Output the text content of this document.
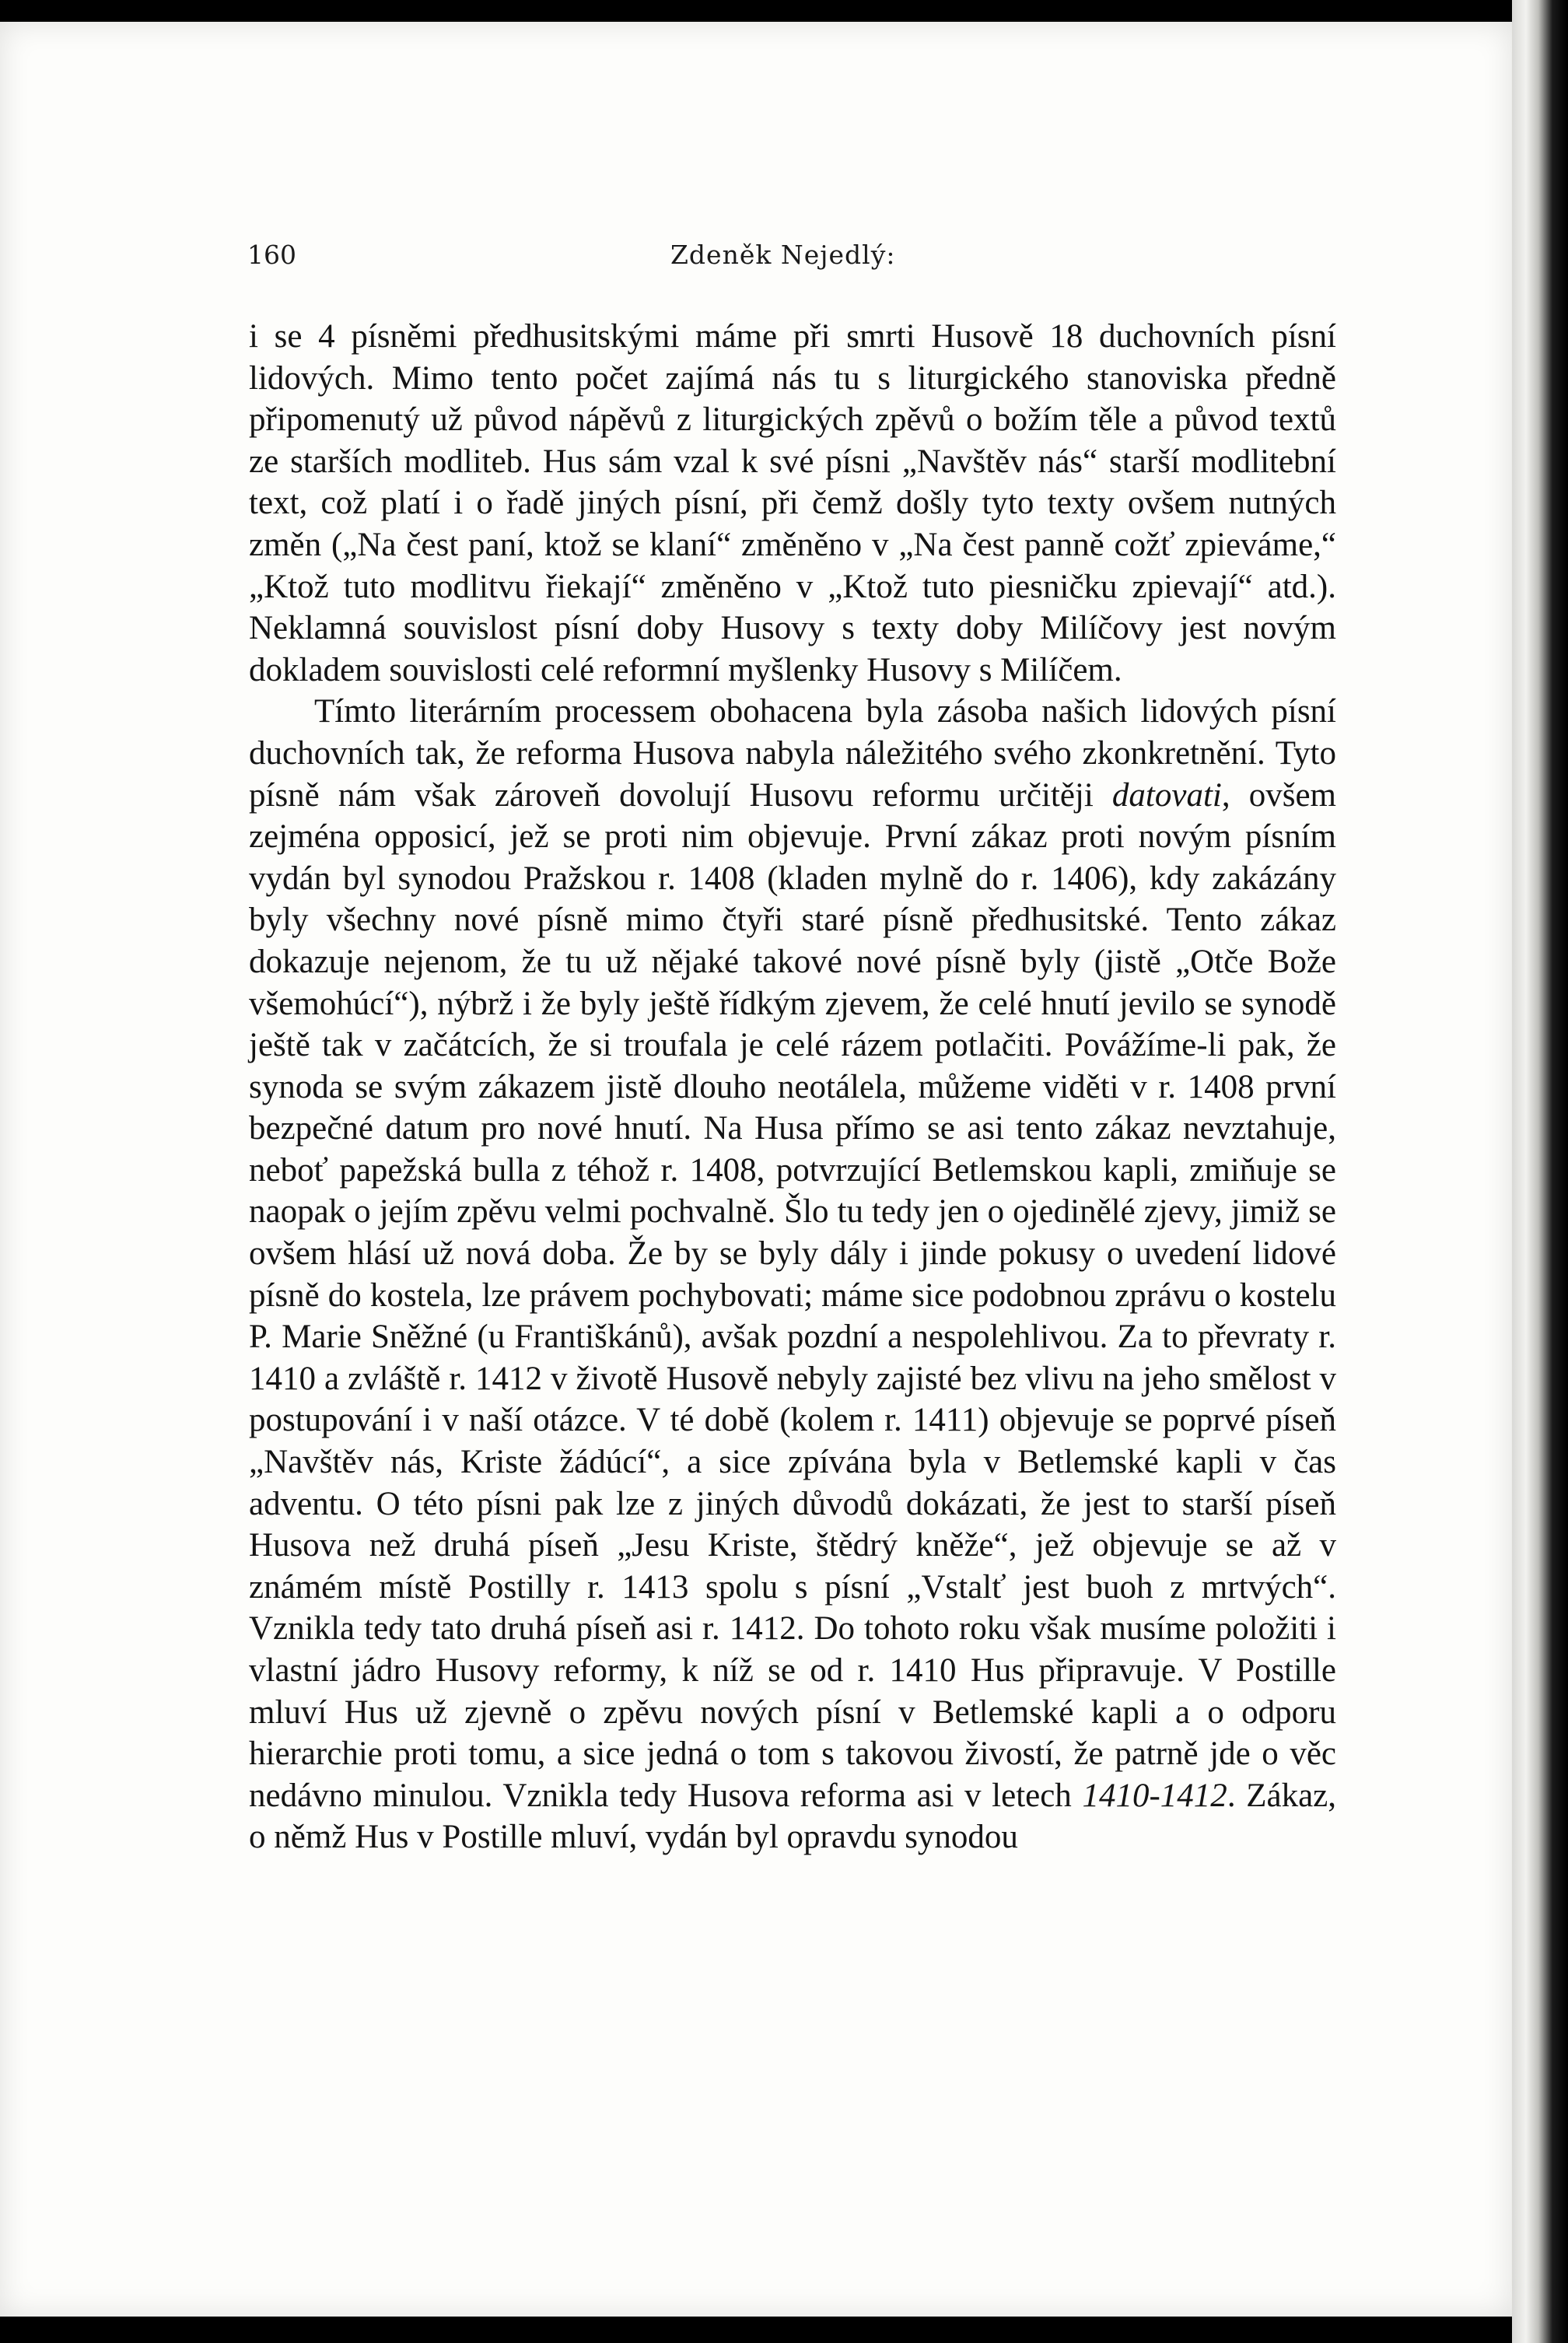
160	Zdeněk Nejedlý:

i se 4 písněmi předhusitskými máme při smrti Husově 18 duchovních písní lidových. Mimo tento počet zajímá nás tu s liturgického stanoviska předně připomenutý už původ nápěvů z liturgických zpěvů o božím těle a původ textů ze starších modliteb. Hus sám vzal k své písni „Navštěv nás“ starší modlitební text, což platí i o řadě jiných písní, při čemž došly tyto texty ovšem nutných změn („Na čest paní, ktož se klaní“ změněno v „Na čest panně cožť zpieváme,“ „Ktož tuto modlitvu řiekají“ změněno v „Ktož tuto piesničku zpievají“ atd.). Neklamná souvislost písní doby Husovy s texty doby Milíčovy jest novým dokladem souvislosti celé reformní myšlenky Husovy s Milíčem.

Tímto literárním processem obohacena byla zásoba našich lidových písní duchovních tak, že reforma Husova nabyla náležitého svého zkonkretnění. Tyto písně nám však zároveň dovolují Husovu reformu určitěji datovati, ovšem zejména opposicí, jež se proti nim objevuje. První zákaz proti novým písním vydán byl synodou Pražskou r. 1408 (kladen mylně do r. 1406), kdy zakázány byly všechny nové písně mimo čtyři staré písně předhusitské. Tento zákaz dokazuje nejenom, že tu už nějaké takové nové písně byly (jistě „Otče Bože všemohúcí“), nýbrž i že byly ještě řídkým zjevem, že celé hnutí jevilo se synodě ještě tak v začátcích, že si troufala je celé rázem potlačiti. Povážíme-li pak, že synoda se svým zákazem jistě dlouho neotálela, můžeme viděti v r. 1408 první bezpečné datum pro nové hnutí. Na Husa přímo se asi tento zákaz nevztahuje, neboť papežská bulla z téhož r. 1408, potvrzující Betlemskou kapli, zmiňuje se naopak o jejím zpěvu velmi pochvalně. Šlo tu tedy jen o ojedinělé zjevy, jimiž se ovšem hlásí už nová doba. Že by se byly dály i jinde pokusy o uvedení lidové písně do kostela, lze právem pochybovati; máme sice podobnou zprávu o kostelu P. Marie Sněžné (u Františkánů), avšak pozdní a nespolehlivou. Za to převraty r. 1410 a zvláště r. 1412 v životě Husově nebyly zajisté bez vlivu na jeho smělost v postupování i v naší otázce. V té době (kolem r. 1411) objevuje se poprvé píseň „Navštěv nás, Kriste žádúcí“, a sice zpívána byla v Betlemské kapli v čas adventu. O této písni pak lze z jiných důvodů dokázati, že jest to starší píseň Husova než druhá píseň „Jesu Kriste, štědrý kněže“, jež objevuje se až v známém místě Postilly r. 1413 spolu s písní „Vstalť jest buoh z mrtvých“. Vznikla tedy tato druhá píseň asi r. 1412. Do tohoto roku však musíme položiti i vlastní jádro Husovy reformy, k níž se od r. 1410 Hus připravuje. V Postille mluví Hus už zjevně o zpěvu nových písní v Betlemské kapli a o odporu hierarchie proti tomu, a sice jedná o tom s takovou živostí, že patrně jde o věc nedávno minulou. Vznikla tedy Husova reforma asi v letech 1410-1412. Zákaz, o němž Hus v Postille mluví, vydán byl opravdu synodou
